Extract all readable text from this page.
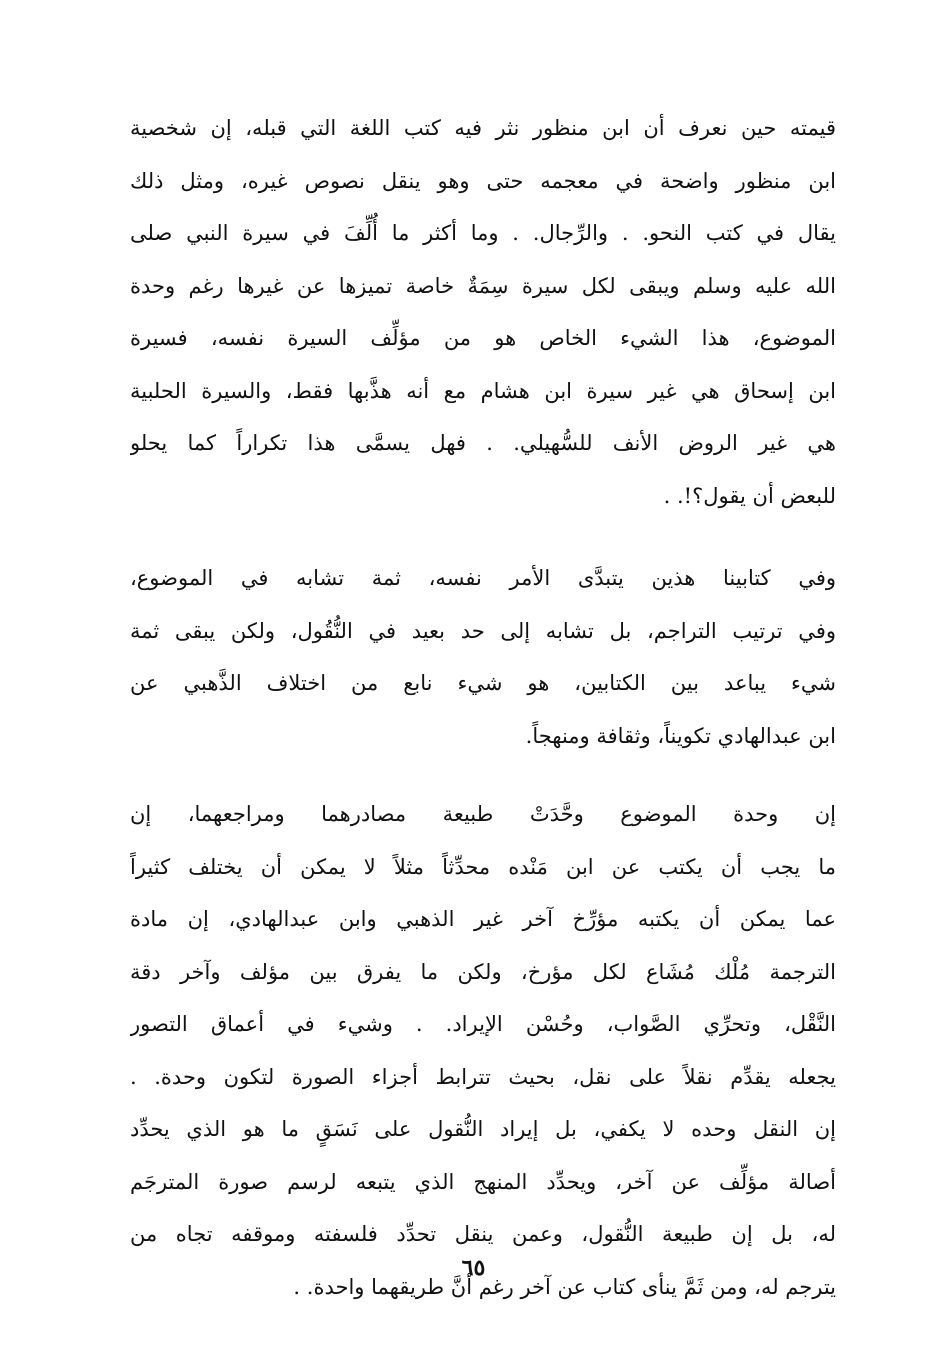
قيمته حين نعرف أن ابن منظور نثر فيه كتب اللغة التي قبله، إن شخصية
ابن منظور واضحة في معجمه حتى وهو ينقل نصوص غيره، ومثل ذلك
يقال في كتب النحو. . والرِّجال. . وما أكثر ما أُلِّفَ في سيرة النبي صلى
الله عليه وسلم ويبقى لكل سيرة سِمَةٌ خاصة تميزها عن غيرها رغم وحدة
الموضوع، هذا الشيء الخاص هو من مؤلِّف السيرة نفسه، فسيرة
ابن إسحاق هي غير سيرة ابن هشام مع أنه هذَّبها فقط، والسيرة الحلبية
هي غير الروض الأنف للسُّهيلي. . فهل يسمَّى هذا تكراراً كما يحلو
للبعض أن يقول؟!. .
وفي كتابينا هذين يتبدَّى الأمر نفسه، ثمة تشابه في الموضوع،
وفي ترتيب التراجم، بل تشابه إلى حد بعيد في النُّقُول، ولكن يبقى ثمة
شيء يباعد بين الكتابين، هو شيء نابع من اختلاف الذَّهبي عن
ابن عبدالهادي تكويناً، وثقافة ومنهجاً.
إن وحدة الموضوع وحَّدَتْ طبيعة مصادرهما ومراجعهما، إن
ما يجب أن يكتب عن ابن مَنْده محدِّثاً مثلاً لا يمكن أن يختلف كثيراً
عما يمكن أن يكتبه مؤرِّخ آخر غير الذهبي وابن عبدالهادي، إن مادة
الترجمة مُلْك مُشَاع لكل مؤرخ، ولكن ما يفرق بين مؤلف وآخر دقة
النَّقْل، وتحرِّي الصَّواب، وحُسْن الإيراد. . وشيء في أعماق التصور
يجعله يقدِّم نقلاً على نقل، بحيث تترابط أجزاء الصورة لتكون وحدة. .
إن النقل وحده لا يكفي، بل إيراد النُّقول على نَسَقٍ ما هو الذي يحدِّد
أصالة مؤلِّف عن آخر، ويحدِّد المنهج الذي يتبعه لرسم صورة المترجَم
له، بل إن طبيعة النُّقول، وعمن ينقل تحدِّد فلسفته وموقفه تجاه من
يترجم له، ومن ثَمَّ ينأى كتاب عن آخر رغم أنَّ طريقهما واحدة. .
٦٥
